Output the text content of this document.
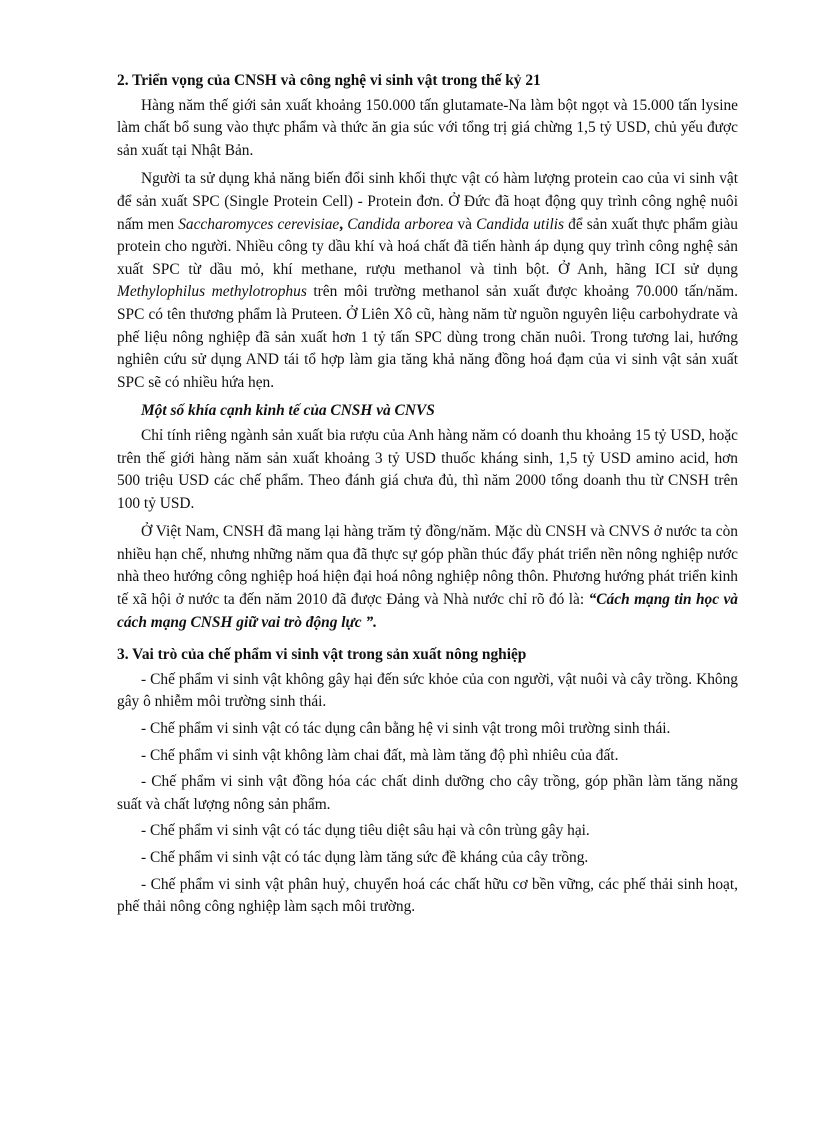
2. Triển vọng của CNSH và công nghệ vi sinh vật trong thế kỷ 21

Hàng năm thế giới sản xuất khoảng 150.000 tấn glutamate-Na làm bột ngọt và 15.000 tấn lysine làm chất bổ sung vào thực phẩm và thức ăn gia súc với tổng trị giá chừng 1,5 tỷ USD, chủ yếu được sản xuất tại Nhật Bản.

Người ta sử dụng khả năng biến đổi sinh khối thực vật có hàm lượng protein cao của vi sinh vật để sản xuất SPC (Single Protein Cell) - Protein đơn. Ở Đức đã hoạt động quy trình công nghệ nuôi nấm men Saccharomyces cerevisiae, Candida arborea và Candida utilis để sản xuất thực phẩm giàu protein cho người. Nhiều công ty dầu khí và hoá chất đã tiến hành áp dụng quy trình công nghệ sản xuất SPC từ dầu mỏ, khí methane, rượu methanol và tinh bột. Ở Anh, hãng ICI sử dụng Methylophilus methylotrophus trên môi trường methanol sản xuất được khoảng 70.000 tấn/năm. SPC có tên thương phẩm là Pruteen. Ở Liên Xô cũ, hàng năm từ nguồn nguyên liệu carbohydrate và phế liệu nông nghiệp đã sản xuất hơn 1 tỷ tấn SPC dùng trong chăn nuôi. Trong tương lai, hướng nghiên cứu sử dụng AND tái tổ hợp làm gia tăng khả năng đồng hoá đạm của vi sinh vật sản xuất SPC sẽ có nhiều hứa hẹn.

Một số khía cạnh kinh tế của CNSH và CNVS

Chỉ tính riêng ngành sản xuất bia rượu của Anh hàng năm có doanh thu khoảng 15 tỷ USD, hoặc trên thế giới hàng năm sản xuất khoảng 3 tỷ USD thuốc kháng sinh, 1,5 tỷ USD amino acid, hơn 500 triệu USD các chế phẩm. Theo đánh giá chưa đủ, thì năm 2000 tổng doanh thu từ CNSH trên 100 tỷ USD.

Ở Việt Nam, CNSH đã mang lại hàng trăm tỷ đồng/năm. Mặc dù CNSH và CNVS ở nước ta còn nhiều hạn chế, nhưng những năm qua đã thực sự góp phần thúc đẩy phát triển nền nông nghiệp nước nhà theo hướng công nghiệp hoá hiện đại hoá nông nghiệp nông thôn. Phương hướng phát triển kinh tế xã hội ở nước ta đến năm 2010 đã được Đảng và Nhà nước chỉ rõ đó là: “Cách mạng tin học và cách mạng CNSH giữ vai trò động lực ”.

3. Vai trò của chế phẩm vi sinh vật trong sản xuất nông nghiệp

- Chế phẩm vi sinh vật không gây hại đến sức khỏe của con người, vật nuôi và cây trồng. Không gây ô nhiễm môi trường sinh thái.

- Chế phẩm vi sinh vật có tác dụng cân bằng hệ vi sinh vật trong môi trường sinh thái.

- Chế phẩm vi sinh vật không làm chai đất, mà làm tăng độ phì nhiêu của đất.

- Chế phẩm vi sinh vật đồng hóa các chất dinh dưỡng cho cây trồng, góp phần làm tăng năng suất và chất lượng nông sản phẩm.

- Chế phẩm vi sinh vật có tác dụng tiêu diệt sâu hại và côn trùng gây hại.

- Chế phẩm vi sinh vật có tác dụng làm tăng sức đề kháng của cây trồng.

- Chế phẩm vi sinh vật phân huỷ, chuyển hoá các chất hữu cơ bền vững, các phế thải sinh hoạt, phế thải nông công nghiệp làm sạch môi trường.
